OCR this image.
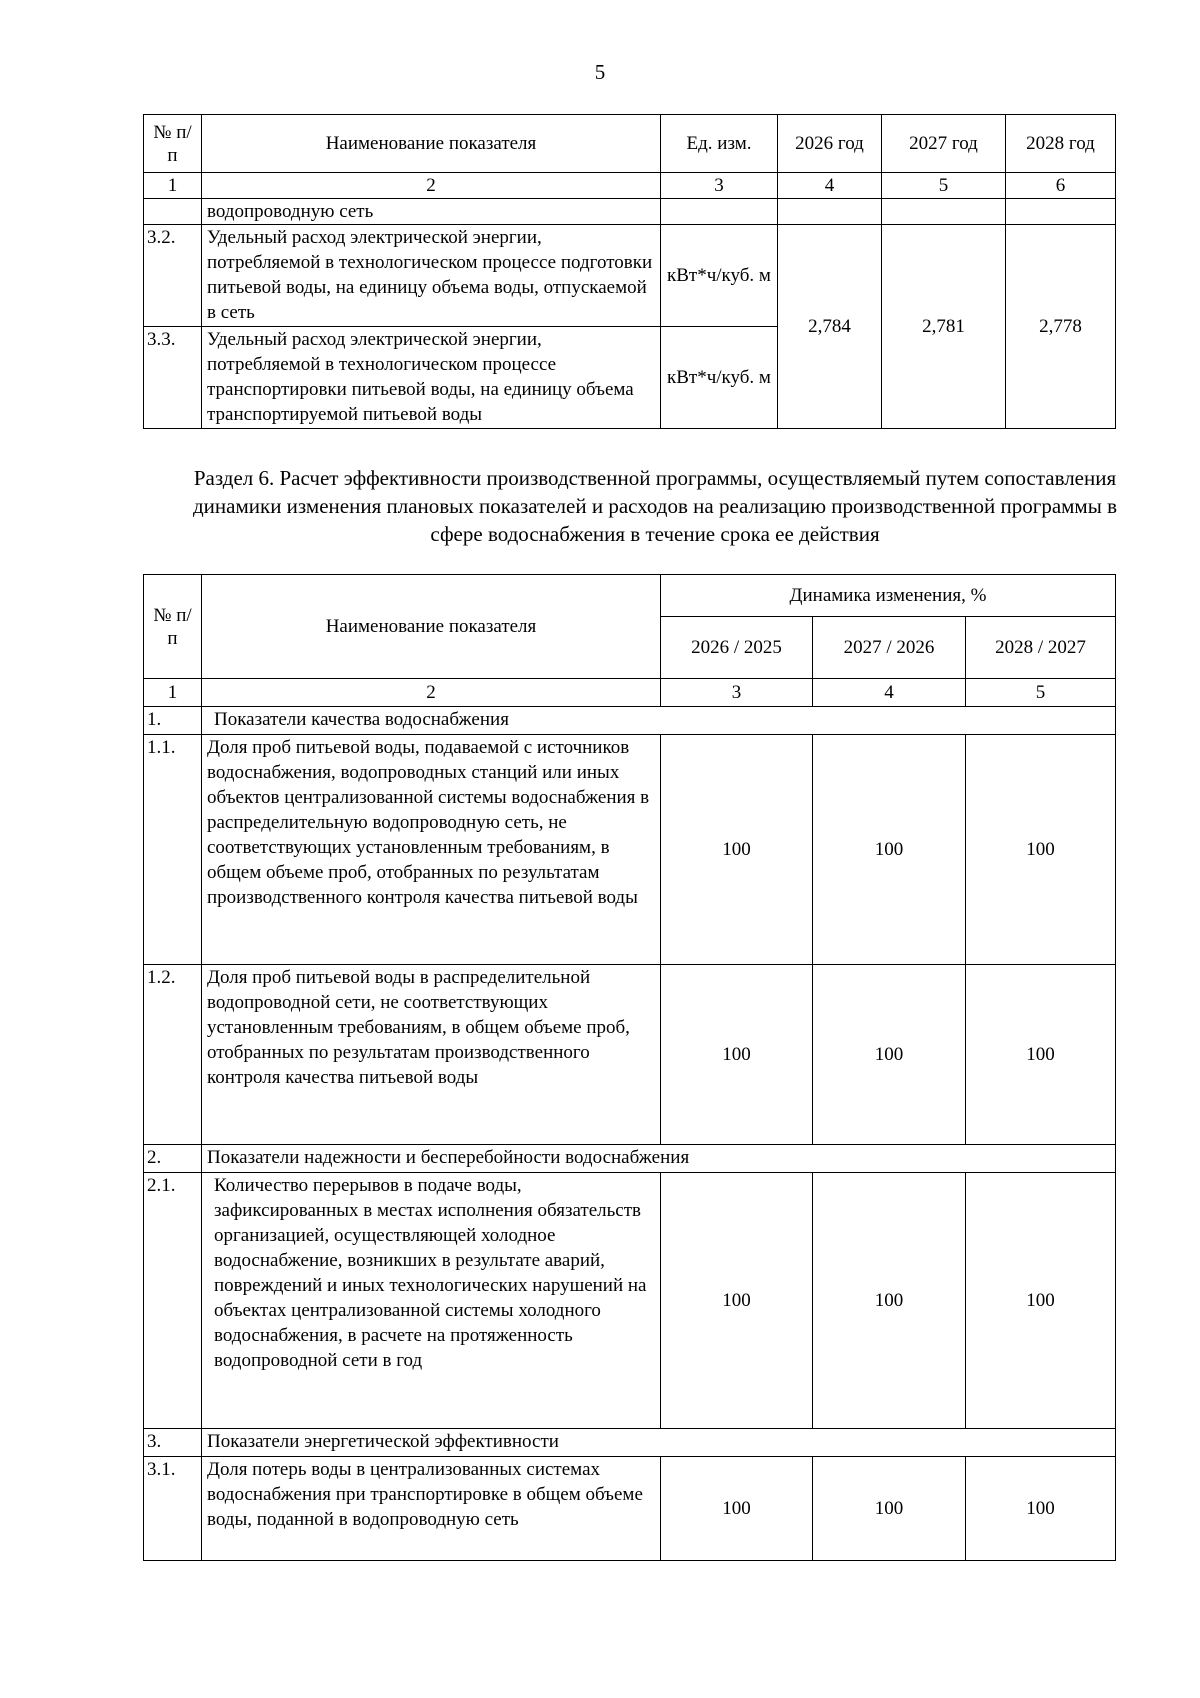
5
№ п/п	Наименование показателя	Ед. изм.	2026 год	2027 год	2028 год
1	2	3	4	5	6
	водопроводную сеть				
3.2.	Удельный расход электрической энергии, потребляемой в технологическом процессе подготовки питьевой воды, на единицу объема воды, отпускаемой в сеть	кВт*ч/куб. м	2,784	2,781	2,778
3.3.	Удельный расход электрической энергии, потребляемой в технологическом процессе транспортировки питьевой воды, на единицу объема транспортируемой питьевой воды	кВт*ч/куб. м			
Раздел 6. Расчет эффективности производственной программы, осуществляемый путем сопоставления динамики изменения плановых показателей и расходов на реализацию производственной программы в сфере водоснабжения в течение срока ее действия
№ п/п	Наименование показателя	Динамика изменения, %		
		2026 / 2025	2027 / 2026	2028 / 2027
1	2	3	4	5
1.	Показатели качества водоснабжения			
1.1.	Доля проб питьевой воды, подаваемой с источников водоснабжения, водопроводных станций или иных объектов централизованной системы водоснабжения в распределительную водопроводную сеть, не соответствующих установленным требованиям, в общем объеме проб, отобранных по результатам производственного контроля качества питьевой воды	100	100	100
1.2.	Доля проб питьевой воды в распределительной водопроводной сети, не соответствующих установленным требованиям, в общем объеме проб, отобранных по результатам производственного контроля качества питьевой воды	100	100	100
2.	Показатели надежности и бесперебойности водоснабжения			
2.1.	Количество перерывов в подаче воды, зафиксированных в местах исполнения обязательств организацией, осуществляющей холодное водоснабжение, возникших в результате аварий, повреждений и иных технологических нарушений на объектах централизованной системы холодного водоснабжения, в расчете на протяженность водопроводной сети в год	100	100	100
3.	Показатели энергетической эффективности			
3.1.	Доля потерь воды в централизованных системах водоснабжения при транспортировке в общем объеме воды, поданной в водопроводную сеть	100	100	100
